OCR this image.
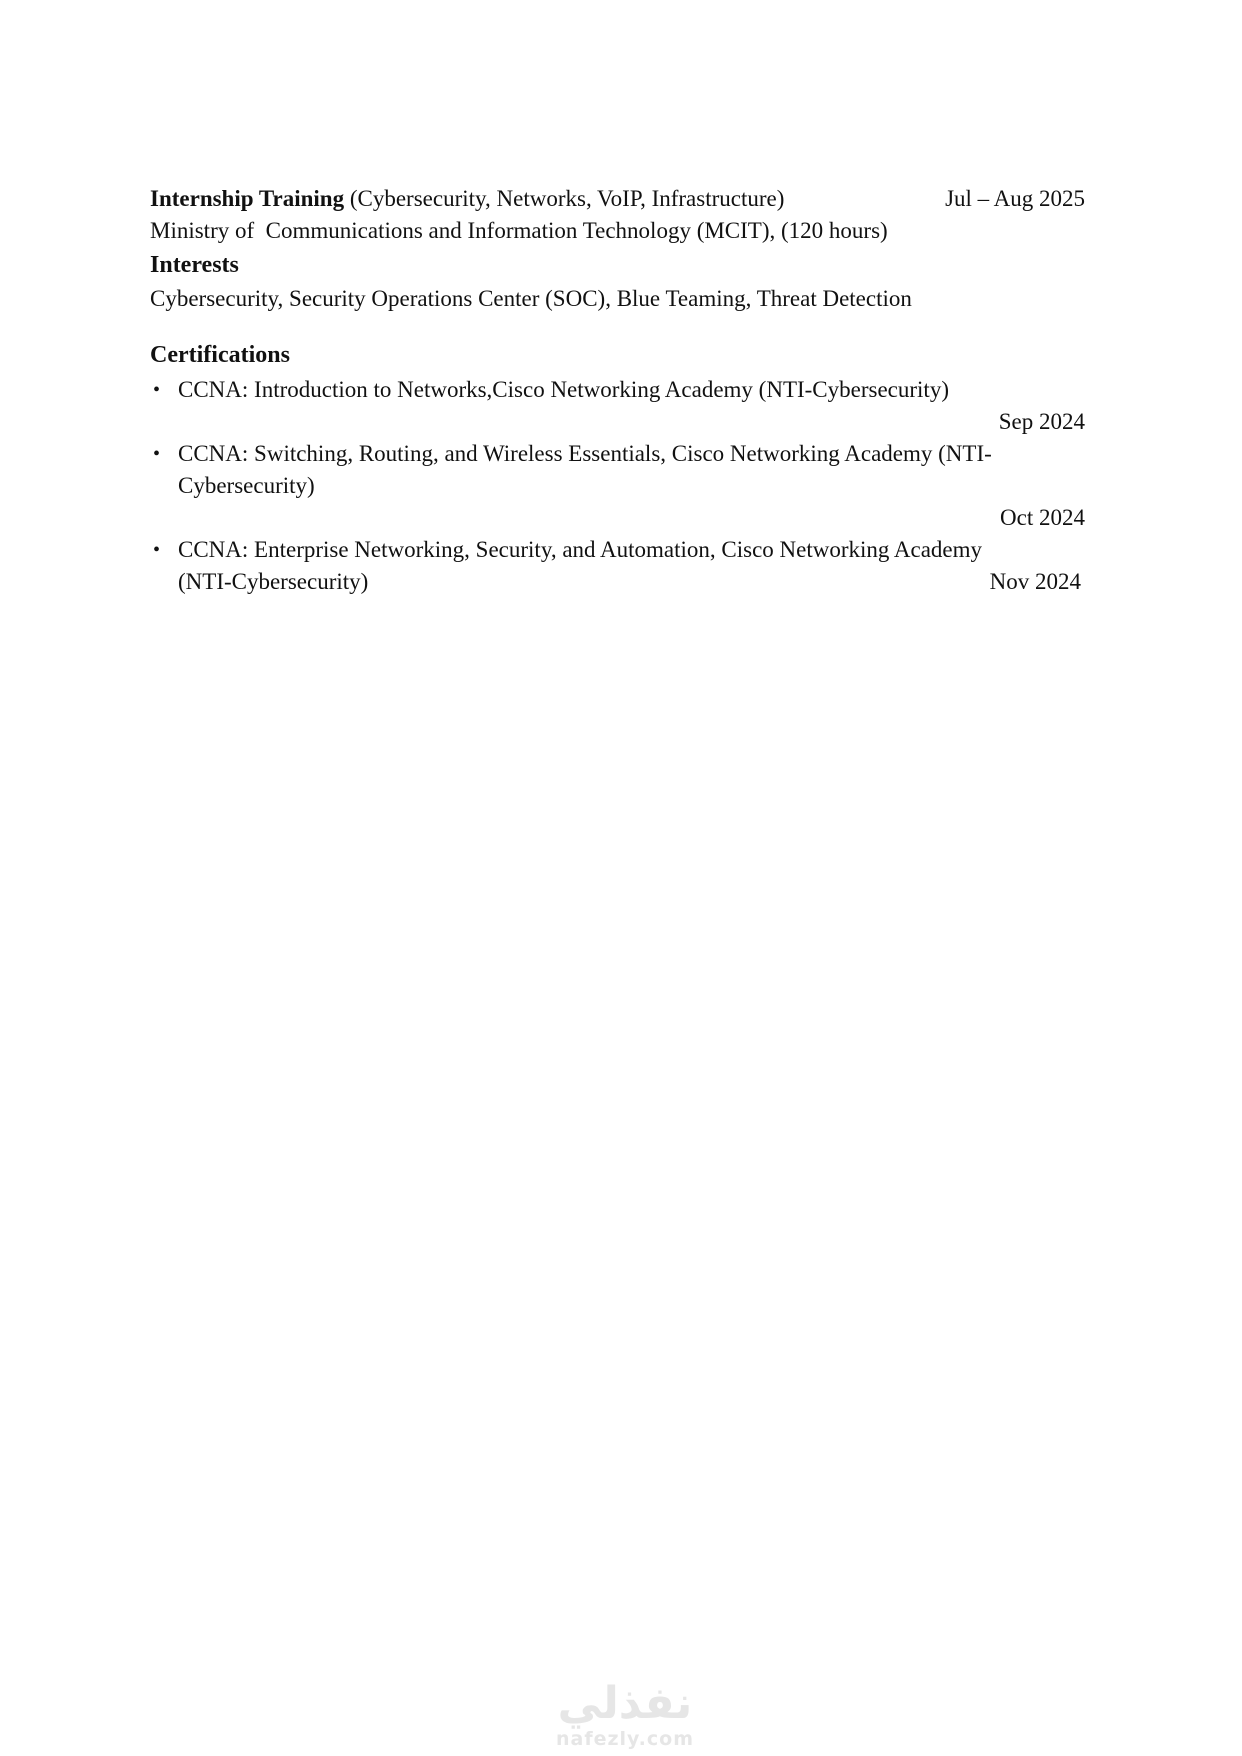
Internship Training (Cybersecurity, Networks, VoIP, Infrastructure)	Jul – Aug 2025
Ministry of  Communications and Information Technology (MCIT), (120 hours)
Interests
Cybersecurity, Security Operations Center (SOC), Blue Teaming, Threat Detection
Certifications
• CCNA: Introduction to Networks,Cisco Networking Academy (NTI-Cybersecurity)
Sep 2024
• CCNA: Switching, Routing, and Wireless Essentials, Cisco Networking Academy (NTI-
Cybersecurity)
Oct 2024
• CCNA: Enterprise Networking, Security, and Automation, Cisco Networking Academy
(NTI-Cybersecurity)	Nov 2024
نفذلي
nafezly.com
